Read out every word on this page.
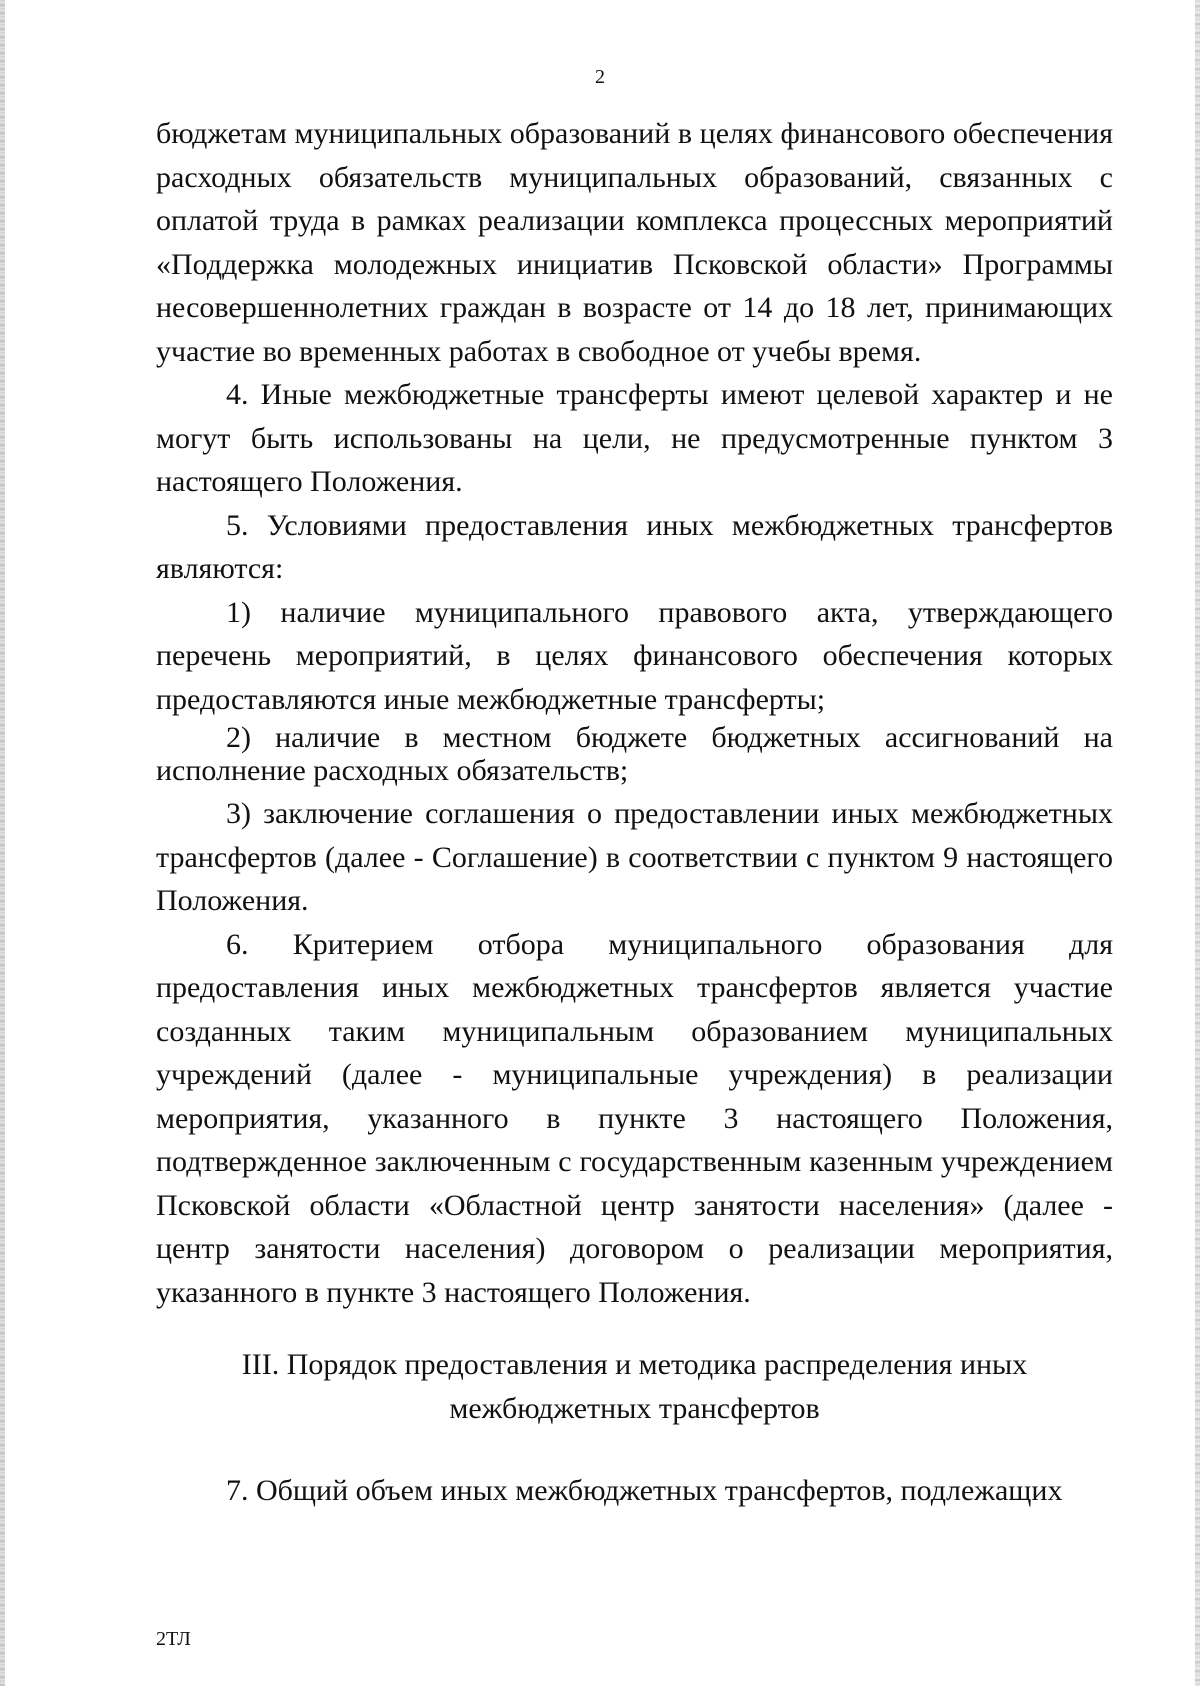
2

бюджетам муниципальных образований в целях финансового обеспечения расходных обязательств муниципальных образований, связанных с оплатой труда в рамках реализации комплекса процессных мероприятий «Поддержка молодежных инициатив Псковской области» Программы несовершеннолетних граждан в возрасте от 14 до 18 лет, принимающих участие во временных работах в свободное от учебы время.

4. Иные межбюджетные трансферты имеют целевой характер и не могут быть использованы на цели, не предусмотренные пунктом 3 настоящего Положения.

5. Условиями предоставления иных межбюджетных трансфертов являются:

1) наличие муниципального правового акта, утверждающего перечень мероприятий, в целях финансового обеспечения которых предоставляются иные межбюджетные трансферты;

2) наличие в местном бюджете бюджетных ассигнований на исполнение расходных обязательств;

3) заключение соглашения о предоставлении иных межбюджетных трансфертов (далее - Соглашение) в соответствии с пунктом 9 настоящего Положения.

6. Критерием отбора муниципального образования для предоставления иных межбюджетных трансфертов является участие созданных таким муниципальным образованием муниципальных учреждений (далее - муниципальные учреждения) в реализации мероприятия, указанного в пункте 3 настоящего Положения, подтвержденное заключенным с государственным казенным учреждением Псковской области «Областной центр занятости населения» (далее - центр занятости населения) договором о реализации мероприятия, указанного в пункте 3 настоящего Положения.

III. Порядок предоставления и методика распределения иных
межбюджетных трансфертов

7. Общий объем иных межбюджетных трансфертов, подлежащих

2ТЛ
